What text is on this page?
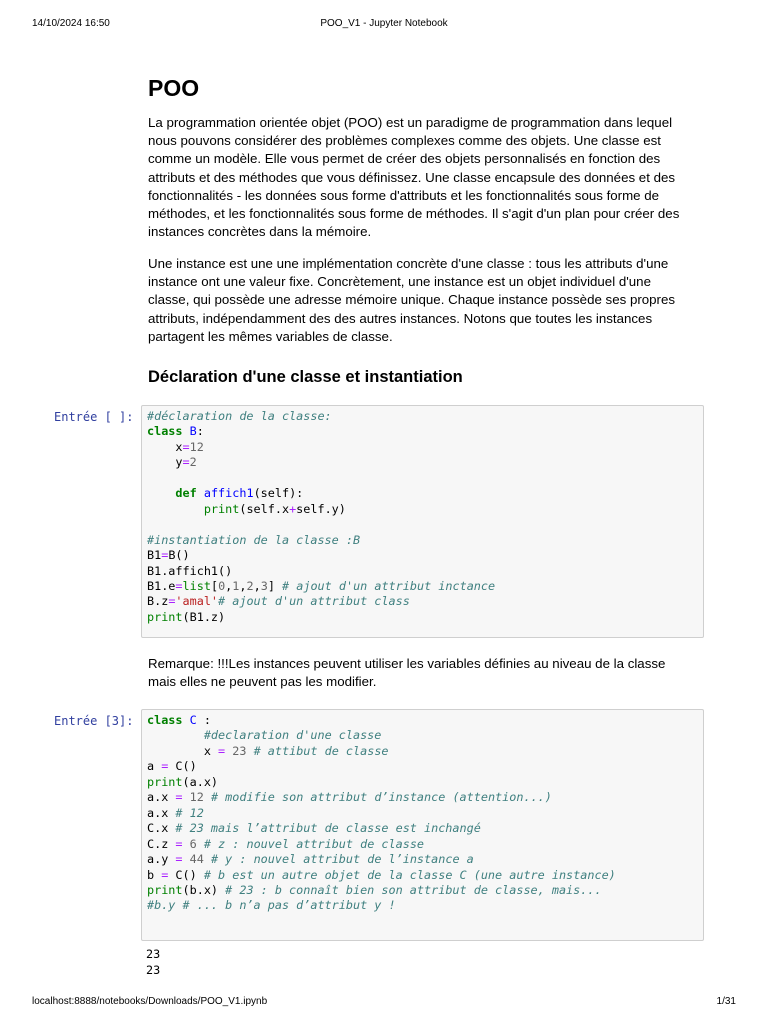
14/10/2024 16:50	POO_V1 - Jupyter Notebook
POO

La programmation orientée objet (POO) est un paradigme de programmation dans lequel nous pouvons considérer des problèmes complexes comme des objets. Une classe est comme un modèle. Elle vous permet de créer des objets personnalisés en fonction des attributs et des méthodes que vous définissez. Une classe encapsule des données et des fonctionnalités - les données sous forme d'attributs et les fonctionnalités sous forme de méthodes, et les fonctionnalités sous forme de méthodes. Il s'agit d'un plan pour créer des instances concrètes dans la mémoire.

Une instance est une une implémentation concrète d'une classe : tous les attributs d'une instance ont une valeur fixe. Concrètement, une instance est un objet individuel d'une classe, qui possède une adresse mémoire unique. Chaque instance possède ses propres attributs, indépendamment des des autres instances. Notons que toutes les instances partagent les mêmes variables de classe.

Déclaration d'une classe et instantiation
Entrée [ ]:	#déclaration de la classe:
class B:
x=12
y=2

def affich1(self):
print(self.x+self.y)

#instantiation de la classe :B
B1=B()
B1.affich1()
B1.e=list[0,1,2,3] # ajout d'un attribut inctance
B.z='amal'# ajout d'un attribut class
print(B1.z)

Remarque: !!!Les instances peuvent utiliser les variables définies au niveau de la classe mais elles ne peuvent pas les modifier.

Entrée [3]:	class C :
#declaration d'une classe
x = 23 # attibut de classe
a = C()
print(a.x)
a.x = 12 # modifie son attribut d’instance (attention...)
a.x # 12
C.x # 23 mais l’attribut de classe est inchangé
C.z = 6 # z : nouvel attribut de classe
a.y = 44 # y : nouvel attribut de l’instance a
b = C() # b est un autre objet de la classe C (une autre instance)
print(b.x) # 23 : b connaît bien son attribut de classe, mais...
#b.y # ... b n’a pas d’attribut y !
23
23
localhost:8888/notebooks/Downloads/POO_V1.ipynb	1/31
